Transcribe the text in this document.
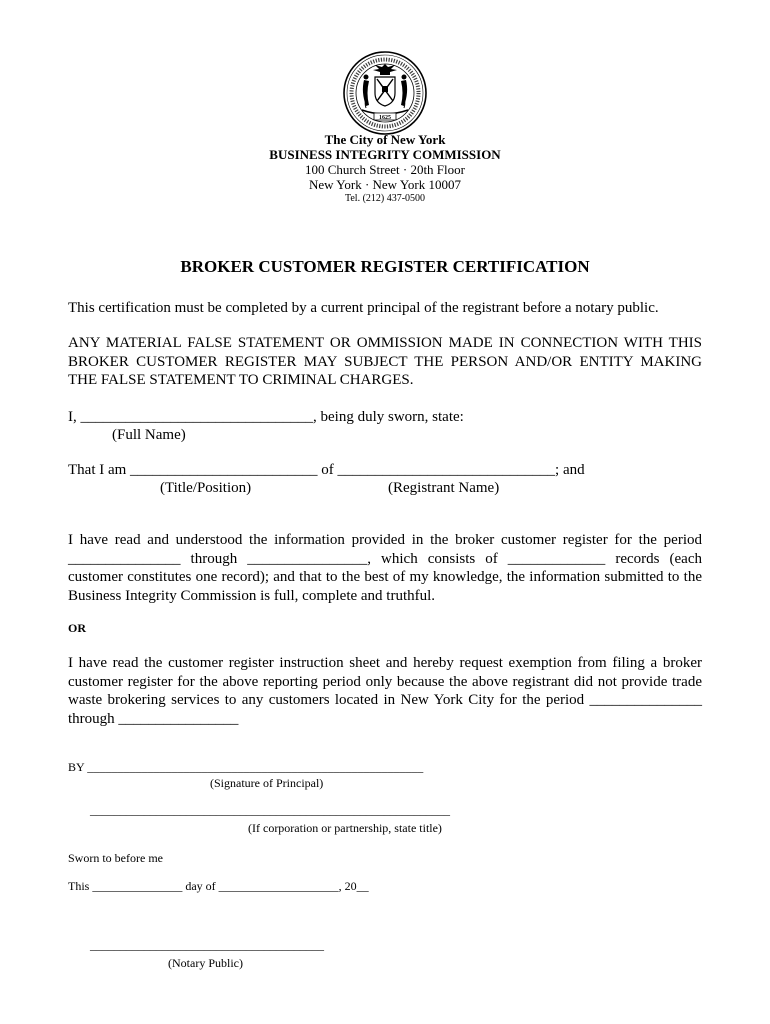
1625
The City of New York
BUSINESS INTEGRITY COMMISSION
100 Church Street · 20th Floor
New York · New York 10007
Tel. (212) 437-0500
BROKER CUSTOMER REGISTER CERTIFICATION
This certification must be completed by a current principal of the registrant before a notary public.
ANY MATERIAL FALSE STATEMENT OR OMMISSION MADE IN CONNECTION WITH THIS BROKER CUSTOMER REGISTER MAY SUBJECT THE PERSON AND/OR ENTITY MAKING THE FALSE STATEMENT TO CRIMINAL CHARGES.
I, _______________________________, being duly sworn, state:
(Full Name)
That I am _________________________ of _____________________________; and
(Title/Position)	(Registrant Name)
I have read and understood the information provided in the broker customer register for the period
_______________ through ________________, which consists of _____________ records (each
customer constitutes one record); and that to the best of my knowledge, the information submitted to the
Business Integrity Commission is full, complete and truthful.
OR
I have read the customer register instruction sheet and hereby request exemption from filing a broker
customer register for the above reporting period only because the above registrant did not provide trade
waste brokering services to any customers located in New York City for the period _______________
through ________________
BY ________________________________________________________
(Signature of Principal)
____________________________________________________________
(If corporation or partnership, state title)
Sworn to before me
This _______________ day of ____________________, 20__
_______________________________________
(Notary Public)
